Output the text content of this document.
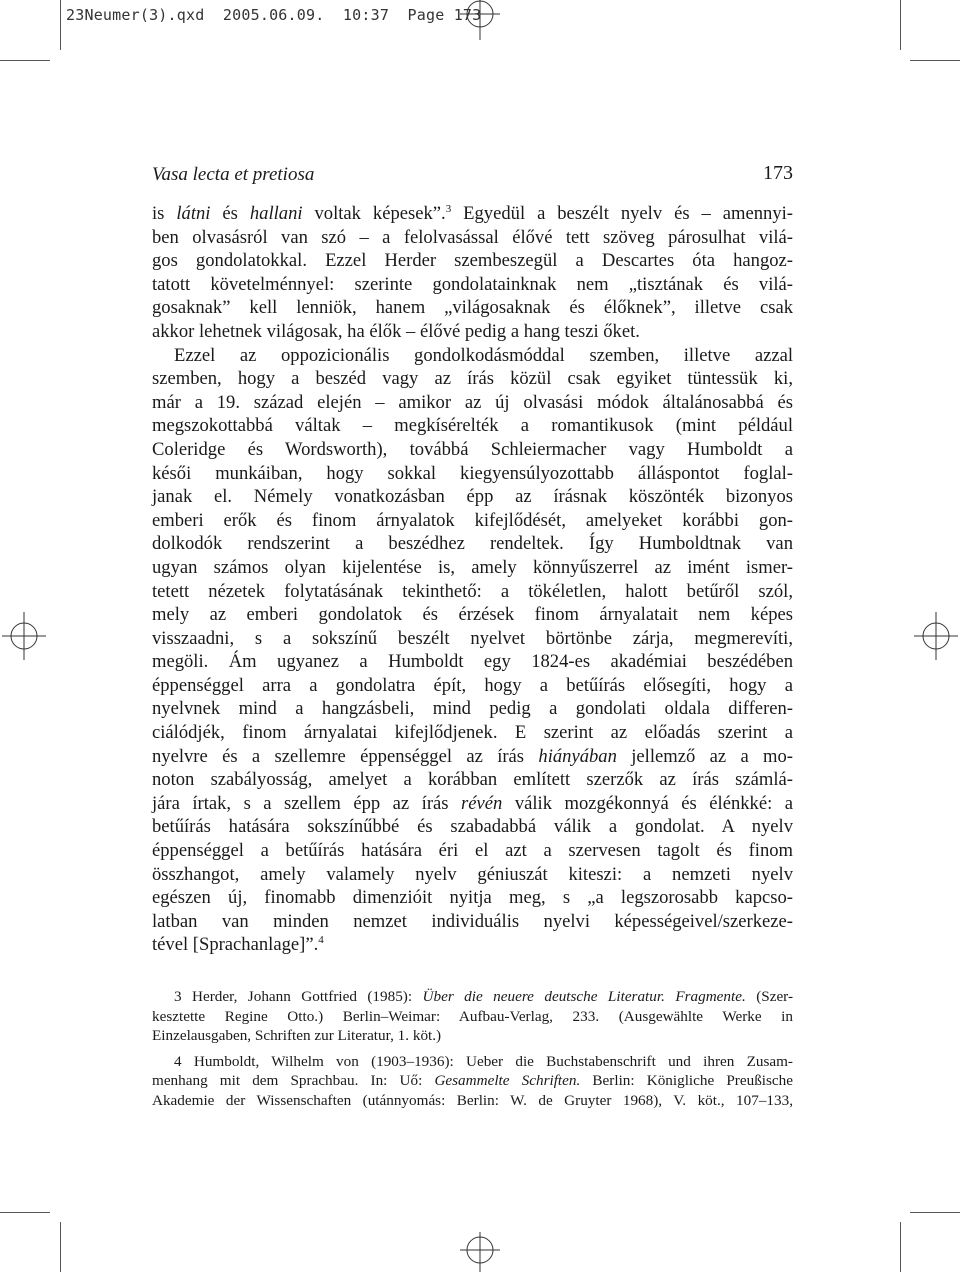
23Neumer(3).qxd  2005.06.09.  10:37  Page 173
Vasa lecta et pretiosa	173
is látni és hallani voltak képesek”.$^3$ Egyedül a beszélt nyelv és – amennyi-
ben olvasásról van szó – a felolvasással élővé tett szöveg párosulhat vilá-
gos gondolatokkal. Ezzel Herder szembeszegül a Descartes óta hangoz-
tatott követelménnyel: szerinte gondolatainknak nem „tisztának és vilá-
gosaknak” kell lenniök, hanem „világosaknak és élőknek”, illetve csak
akkor lehetnek világosak, ha élők – élővé pedig a hang teszi őket.
Ezzel az oppozicionális gondolkodásmóddal szemben, illetve azzal
szemben, hogy a beszéd vagy az írás közül csak egyiket tüntessük ki,
már a 19. század elején – amikor az új olvasási módok általánosabbá és
megszokottabbá váltak – megkísérelték a romantikusok (mint például
Coleridge és Wordsworth), továbbá Schleiermacher vagy Humboldt a
késői munkáiban, hogy sokkal kiegyensúlyozottabb álláspontot foglal-
janak el. Némely vonatkozásban épp az írásnak köszönték bizonyos
emberi erők és finom árnyalatok kifejlődését, amelyeket korábbi gon-
dolkodók rendszerint a beszédhez rendeltek. Így Humboldtnak van
ugyan számos olyan kijelentése is, amely könnyűszerrel az imént ismer-
tetett nézetek folytatásának tekinthető: a tökéletlen, halott betűről szól,
mely az emberi gondolatok és érzések finom árnyalatait nem képes
visszaadni, s a sokszínű beszélt nyelvet börtönbe zárja, megmerevíti,
megöli. Ám ugyanez a Humboldt egy 1824-es akadémiai beszédében
éppenséggel arra a gondolatra épít, hogy a betűírás elősegíti, hogy a
nyelvnek mind a hangzásbeli, mind pedig a gondolati oldala differen-
ciálódjék, finom árnyalatai kifejlődjenek. E szerint az előadás szerint a
nyelvre és a szellemre éppenséggel az írás hiányában jellemző az a mo-
noton szabályosság, amelyet a korábban említett szerzők az írás számlá-
jára írtak, s a szellem épp az írás révén válik mozgékonnyá és élénkké: a
betűírás hatására sokszínűbbé és szabadabbá válik a gondolat. A nyelv
éppenséggel a betűírás hatására éri el azt a szervesen tagolt és finom
összhangot, amely valamely nyelv géniuszát kiteszi: a nemzeti nyelv
egészen új, finomabb dimenzióit nyitja meg, s „a legszorosabb kapcso-
latban van minden nemzet individuális nyelvi képességeivel/szerkeze-
tével [Sprachanlage]”.$^4$
3 Herder, Johann Gottfried (1985): Über die neuere deutsche Literatur. Fragmente. (Szer-
kesztette Regine Otto.) Berlin–Weimar: Aufbau-Verlag, 233. (Ausgewählte Werke in
Einzelausgaben, Schriften zur Literatur, 1. köt.)
4 Humboldt, Wilhelm von (1903–1936): Ueber die Buchstabenschrift und ihren Zusam-
menhang mit dem Sprachbau. In: Uő: Gesammelte Schriften. Berlin: Königliche Preußische
Akademie der Wissenschaften (utánnyomás: Berlin: W. de Gruyter 1968), V. köt., 107–133,
